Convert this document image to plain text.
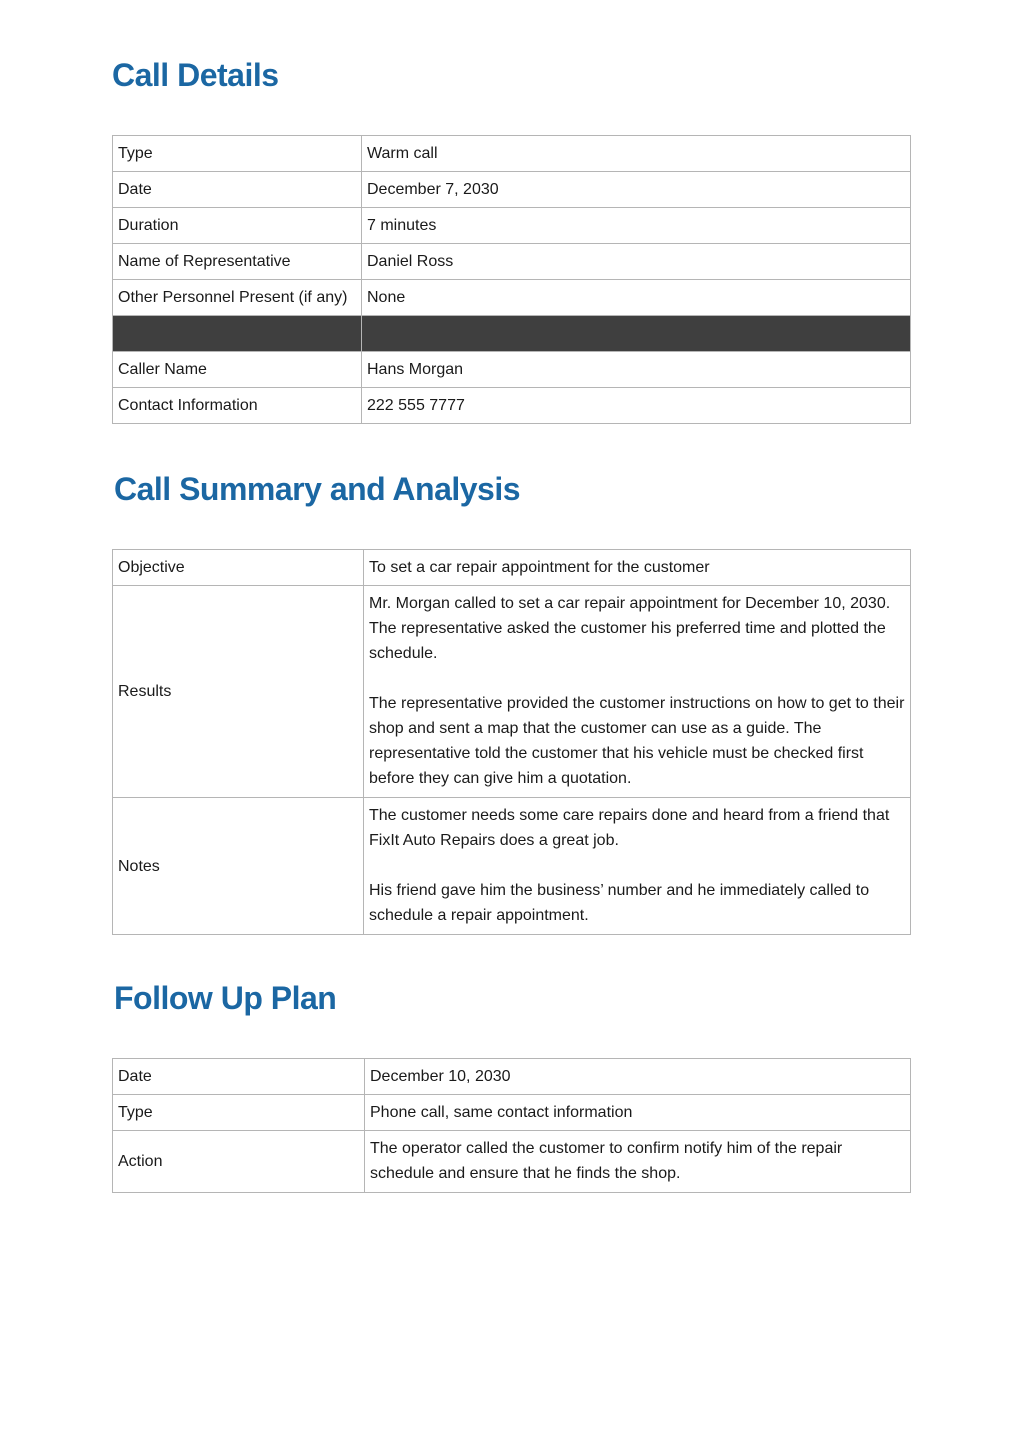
Call Details
Type	Warm call
Date	December 7, 2030
Duration	7 minutes
Name of Representative	Daniel Ross
Other Personnel Present (if any)	None

Caller Name	Hans Morgan
Contact Information	222 555 7777
Call Summary and Analysis
Objective	To set a car repair appointment for the customer
Results	Mr. Morgan called to set a car repair appointment for December 10, 2030. The representative asked the customer his preferred time and plotted the schedule.
The representative provided the customer instructions on how to get to their shop and sent a map that the customer can use as a guide. The representative told the customer that his vehicle must be checked first before they can give him a quotation.

Notes	The customer needs some care repairs done and heard from a friend that FixIt Auto Repairs does a great job.
His friend gave him the business’ number and he immediately called to schedule a repair appointment.
Follow Up Plan
Date	December 10, 2030
Type	Phone call, same contact information
Action	The operator called the customer to confirm notify him of the repair schedule and ensure that he finds the shop.
